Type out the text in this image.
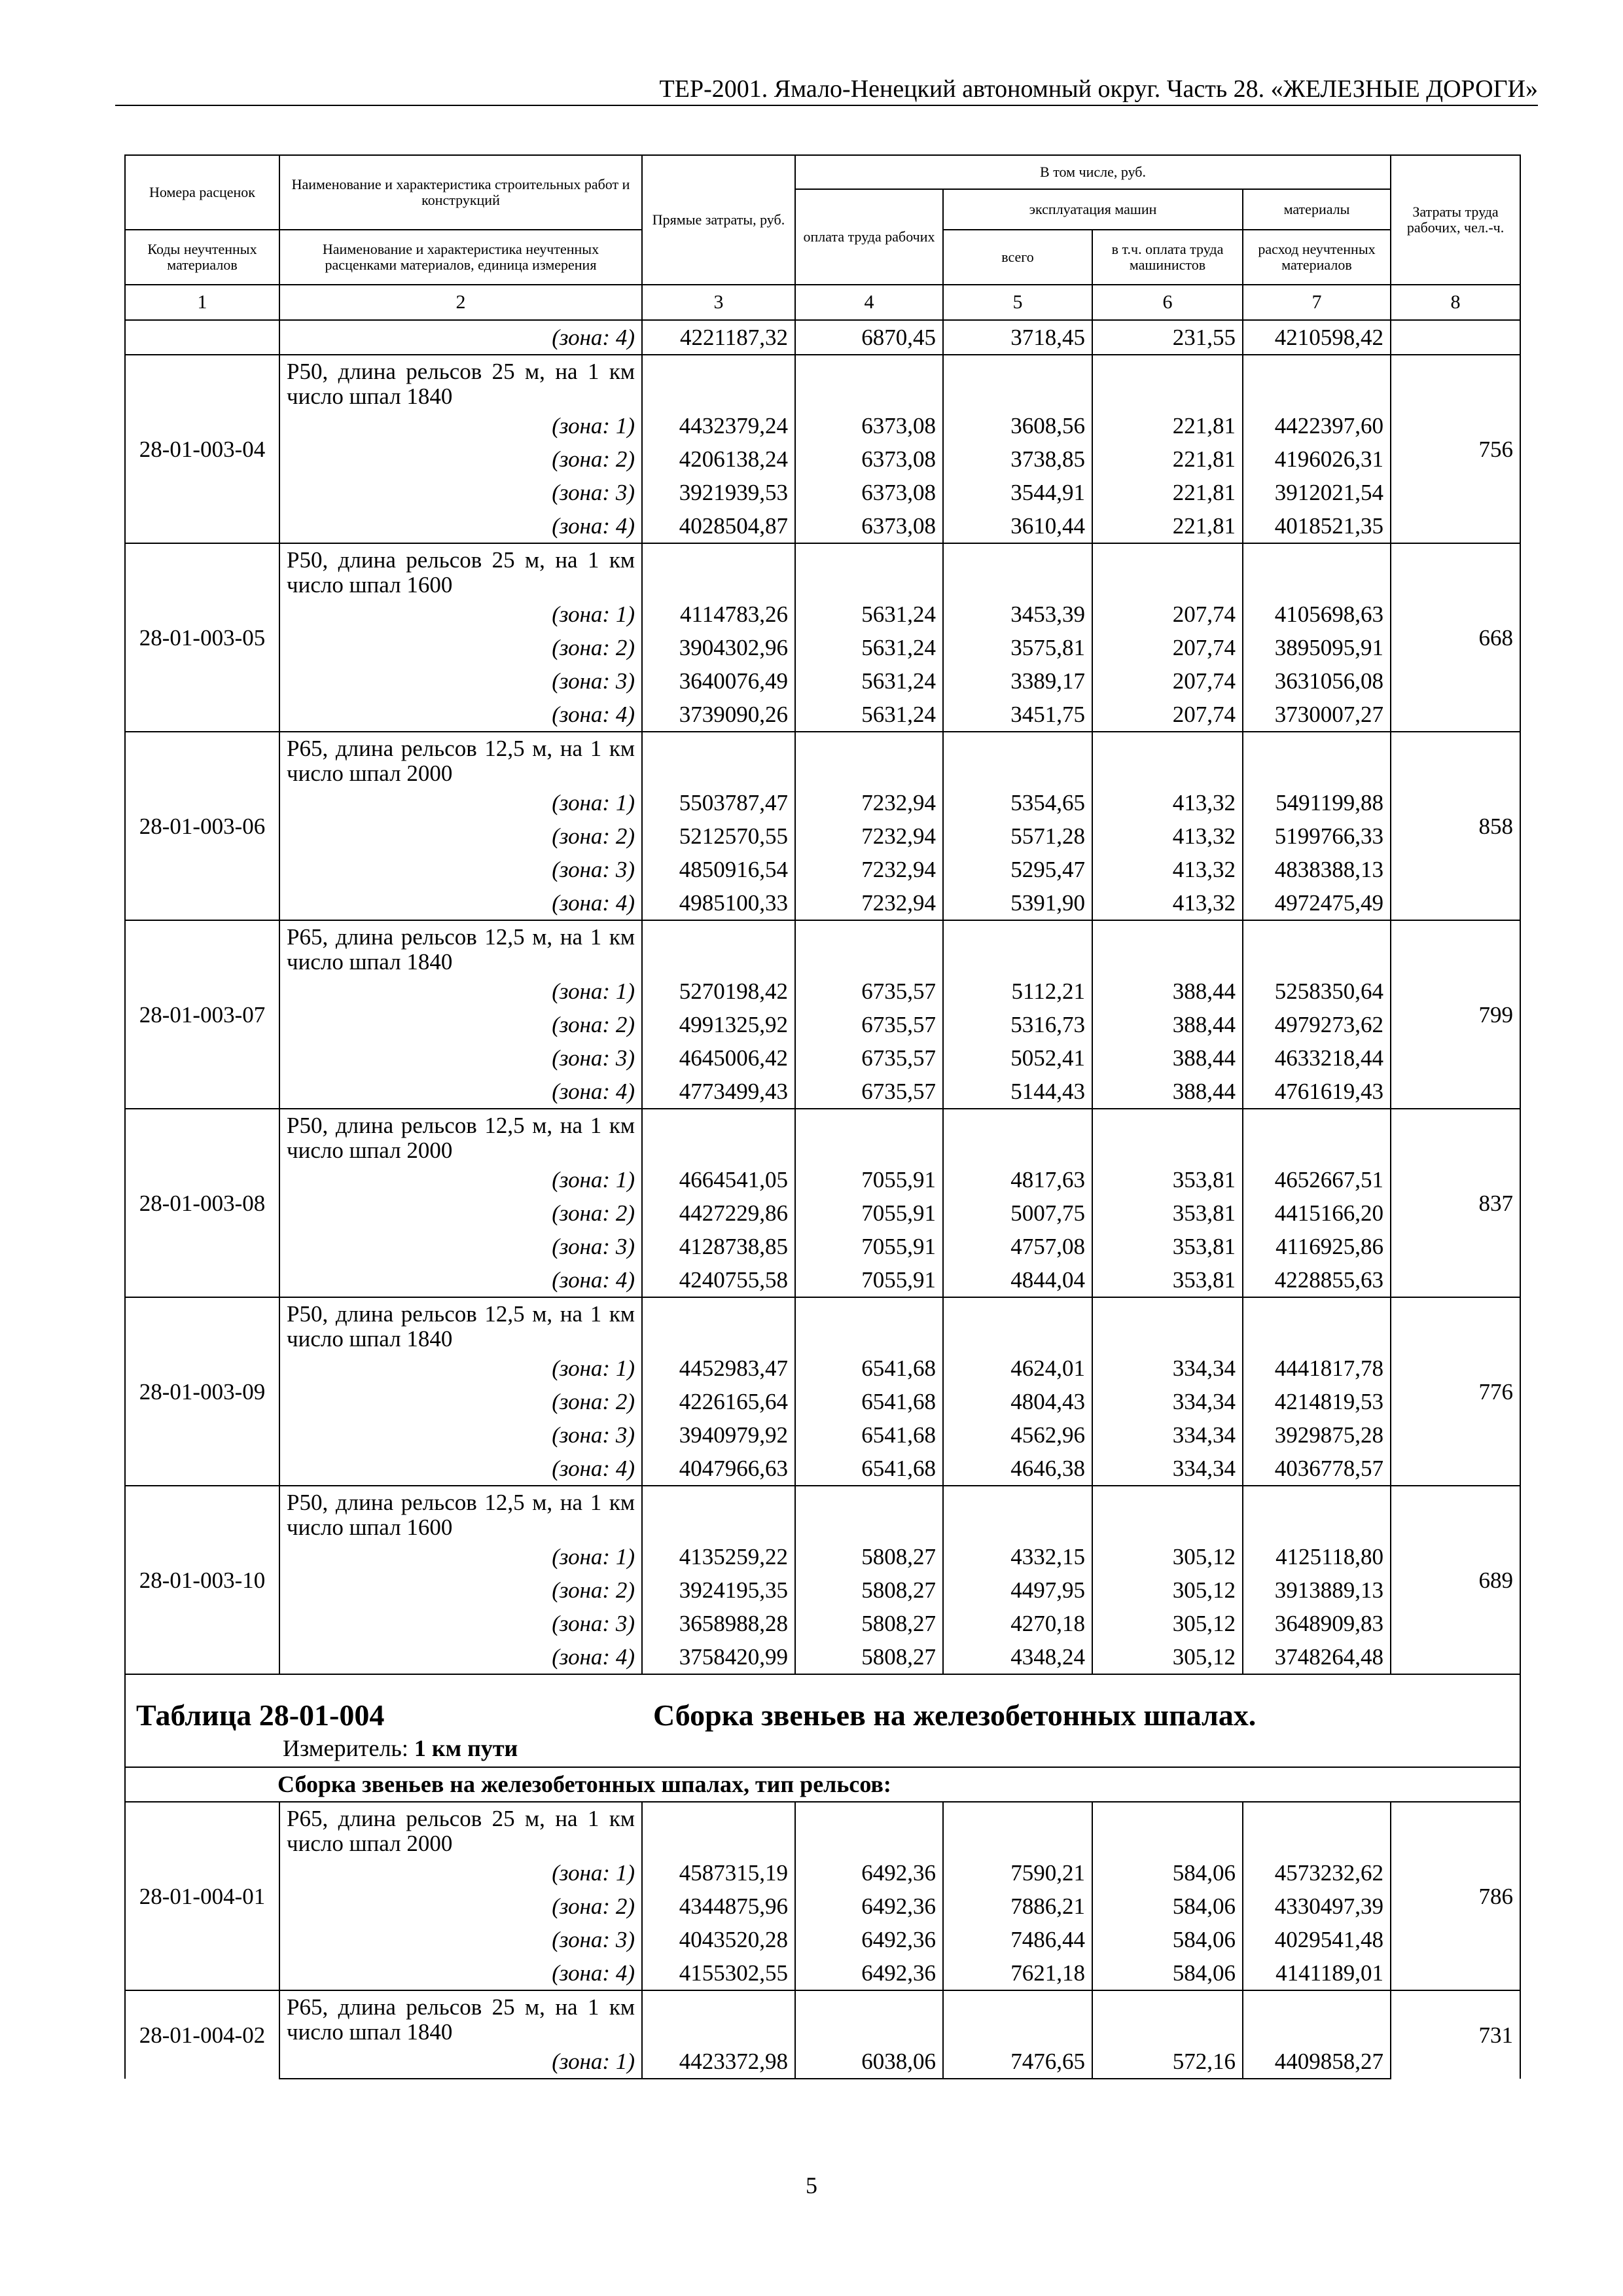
ТЕР-2001. Ямало-Ненецкий автономный округ. Часть 28. «ЖЕЛЕЗНЫЕ ДОРОГИ»
Номера расценок	Наименование и характеристика строительных работ и конструкций	Прямые затраты, руб.	В том числе, руб.				Затраты труда рабочих, чел.-ч.
			оплата труда рабочих	эксплуатация машин		материалы	
Коды неучтенных материалов	Наименование и характеристика неучтенных расценками материалов, единица измерения			всего	в т.ч. оплата труда машинистов	расход неучтенных материалов	
1	2	3	4	5	6	7	8
	(зона: 4)	4221187,32	6870,45	3718,45	231,55	4210598,42	
28-01-003-04	Р50, длина рельсов 25 м, на 1 км число шпал 1840						756
	(зона: 1)	4432379,24	6373,08	3608,56	221,81	4422397,60	
	(зона: 2)	4206138,24	6373,08	3738,85	221,81	4196026,31	
	(зона: 3)	3921939,53	6373,08	3544,91	221,81	3912021,54	
	(зона: 4)	4028504,87	6373,08	3610,44	221,81	4018521,35	
28-01-003-05	Р50, длина рельсов 25 м, на 1 км число шпал 1600						668
	(зона: 1)	4114783,26	5631,24	3453,39	207,74	4105698,63	
	(зона: 2)	3904302,96	5631,24	3575,81	207,74	3895095,91	
	(зона: 3)	3640076,49	5631,24	3389,17	207,74	3631056,08	
	(зона: 4)	3739090,26	5631,24	3451,75	207,74	3730007,27	
28-01-003-06	Р65, длина рельсов 12,5 м, на 1 км число шпал 2000						858
	(зона: 1)	5503787,47	7232,94	5354,65	413,32	5491199,88	
	(зона: 2)	5212570,55	7232,94	5571,28	413,32	5199766,33	
	(зона: 3)	4850916,54	7232,94	5295,47	413,32	4838388,13	
	(зона: 4)	4985100,33	7232,94	5391,90	413,32	4972475,49	
28-01-003-07	Р65, длина рельсов 12,5 м, на 1 км число шпал 1840						799
	(зона: 1)	5270198,42	6735,57	5112,21	388,44	5258350,64	
	(зона: 2)	4991325,92	6735,57	5316,73	388,44	4979273,62	
	(зона: 3)	4645006,42	6735,57	5052,41	388,44	4633218,44	
	(зона: 4)	4773499,43	6735,57	5144,43	388,44	4761619,43	
28-01-003-08	Р50, длина рельсов 12,5 м, на 1 км число шпал 2000						837
	(зона: 1)	4664541,05	7055,91	4817,63	353,81	4652667,51	
	(зона: 2)	4427229,86	7055,91	5007,75	353,81	4415166,20	
	(зона: 3)	4128738,85	7055,91	4757,08	353,81	4116925,86	
	(зона: 4)	4240755,58	7055,91	4844,04	353,81	4228855,63	
28-01-003-09	Р50, длина рельсов 12,5 м, на 1 км число шпал 1840						776
	(зона: 1)	4452983,47	6541,68	4624,01	334,34	4441817,78	
	(зона: 2)	4226165,64	6541,68	4804,43	334,34	4214819,53	
	(зона: 3)	3940979,92	6541,68	4562,96	334,34	3929875,28	
	(зона: 4)	4047966,63	6541,68	4646,38	334,34	4036778,57	
28-01-003-10	Р50, длина рельсов 12,5 м, на 1 км число шпал 1600						689
	(зона: 1)	4135259,22	5808,27	4332,15	305,12	4125118,80	
	(зона: 2)	3924195,35	5808,27	4497,95	305,12	3913889,13	
	(зона: 3)	3658988,28	5808,27	4270,18	305,12	3648909,83	
	(зона: 4)	3758420,99	5808,27	4348,24	305,12	3748264,48	

Таблица 28-01-004 Сборка звеньев на железобетонных шпалах.
Измеритель: 1 км пути							

Сборка звеньев на железобетонных шпалах, тип рельсов:							
28-01-004-01	Р65, длина рельсов 25 м, на 1 км число шпал 2000						786
	(зона: 1)	4587315,19	6492,36	7590,21	584,06	4573232,62	
	(зона: 2)	4344875,96	6492,36	7886,21	584,06	4330497,39	
	(зона: 3)	4043520,28	6492,36	7486,44	584,06	4029541,48	
	(зона: 4)	4155302,55	6492,36	7621,18	584,06	4141189,01	
28-01-004-02	Р65, длина рельсов 25 м, на 1 км число шпал 1840						731
	(зона: 1)	4423372,98	6038,06	7476,65	572,16	4409858,27	
5
